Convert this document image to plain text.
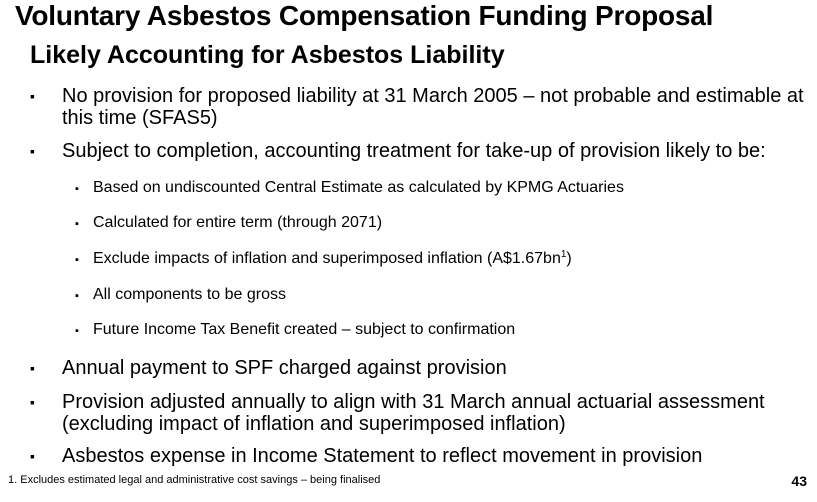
Voluntary Asbestos Compensation Funding Proposal
Likely Accounting for Asbestos Liability
▪ No provision for proposed liability at 31 March 2005 – not probable and estimable at this time (SFAS5)
▪ Subject to completion, accounting treatment for take-up of provision likely to be:
▪ Based on undiscounted Central Estimate as calculated by KPMG Actuaries
▪ Calculated for entire term (through 2071)
▪ Exclude impacts of inflation and superimposed inflation $(A\$1.67bn^1)$
▪ All components to be gross
▪ Future Income Tax Benefit created – subject to confirmation
▪ Annual payment to SPF charged against provision
▪ Provision adjusted annually to align with 31 March annual actuarial assessment (excluding impact of inflation and superimposed inflation)
▪ Asbestos expense in Income Statement to reflect movement in provision
1. Excludes estimated legal and administrative cost savings – being finalised	43
